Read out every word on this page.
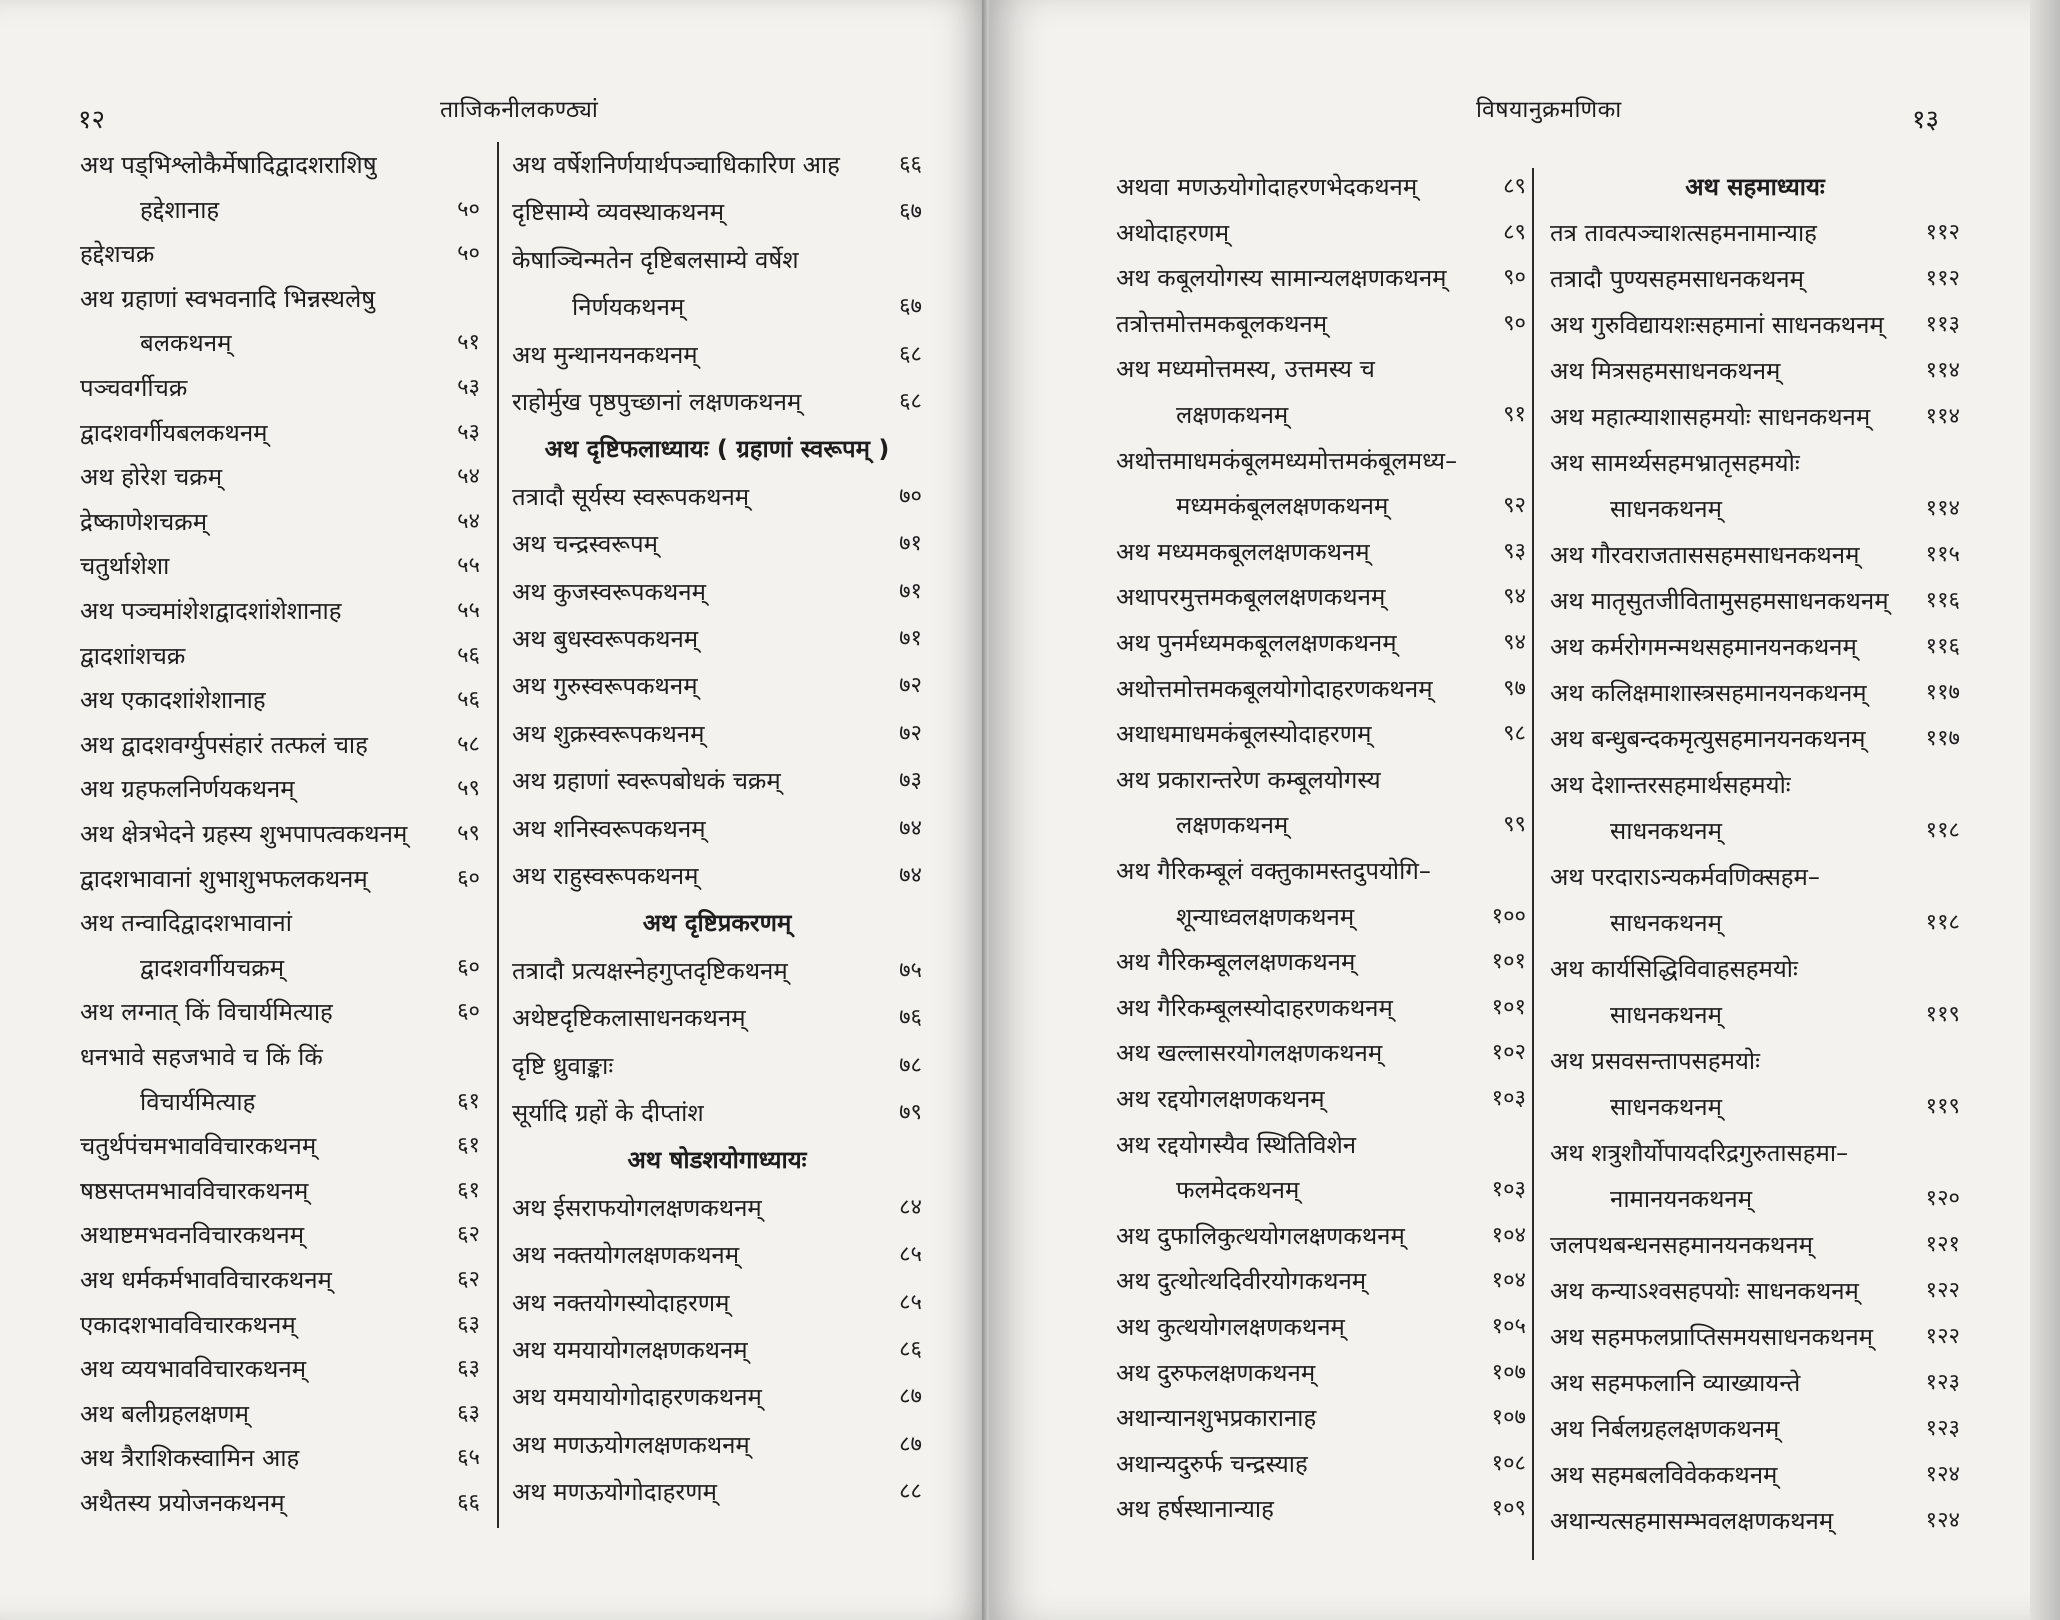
१२	ताजिकनीलकण्ठ्यां
अथ पड्भिश्लोकैर्मेषादिद्वादशराशिषु
हद्देशानाह	५०
हद्देशचक्र	५०
अथ ग्रहाणां स्वभवनादि भिन्नस्थलेषु
बलकथनम्	५१
पञ्चवर्गीचक्र	५३
द्वादशवर्गीयबलकथनम्	५३
अथ होरेश चक्रम्	५४
द्रेष्काणेशचक्रम्	५४
चतुर्थाशेशा	५५
अथ पञ्चमांशेशद्वादशांशेशानाह	५५
द्वादशांशचक्र	५६
अथ एकादशांशेशानाह	५६
अथ द्वादशवर्ग्युपसंहारं तत्फलं चाह	५८
अथ ग्रहफलनिर्णयकथनम्	५९
अथ क्षेत्रभेदने ग्रहस्य शुभपापत्वकथनम्	५९
द्वादशभावानां शुभाशुभफलकथनम्	६०
अथ तन्वादिद्वादशभावानां
द्वादशवर्गीयचक्रम्	६०
अथ लग्नात् किं विचार्यमित्याह	६०
धनभावे सहजभावे च किं किं
विचार्यमित्याह	६१
चतुर्थपंचमभावविचारकथनम्	६१
षष्ठसप्तमभावविचारकथनम्	६१
अथाष्टमभवनविचारकथनम्	६२
अथ धर्मकर्मभावविचारकथनम्	६२
एकादशभावविचारकथनम्	६३
अथ व्ययभावविचारकथनम्	६३
अथ बलीग्रहलक्षणम्	६३
अथ त्रैराशिकस्वामिन आह	६५
अथैतस्य प्रयोजनकथनम्	६६
अथ वर्षेशनिर्णयार्थपञ्चाधिकारिण आह	६६
दृष्टिसाम्ये व्यवस्थाकथनम्	६७
केषाञ्चिन्मतेन दृष्टिबलसाम्ये वर्षेश
निर्णयकथनम्	६७
अथ मुन्थानयनकथनम्	६८
राहोर्मुख पृष्ठपुच्छानां लक्षणकथनम्	६८
अथ दृष्टिफलाध्यायः ( ग्रहाणां स्वरूपम् )
तत्रादौ सूर्यस्य स्वरूपकथनम्	७०
अथ चन्द्रस्वरूपम्	७१
अथ कुजस्वरूपकथनम्	७१
अथ बुधस्वरूपकथनम्	७१
अथ गुरुस्वरूपकथनम्	७२
अथ शुक्रस्वरूपकथनम्	७२
अथ ग्रहाणां स्वरूपबोधकं चक्रम्	७३
अथ शनिस्वरूपकथनम्	७४
अथ राहुस्वरूपकथनम्	७४
अथ दृष्टिप्रकरणम्
तत्रादौ प्रत्यक्षस्नेहगुप्तदृष्टिकथनम्	७५
अथेष्टदृष्टिकलासाधनकथनम्	७६
दृष्टि ध्रुवाङ्काः	७८
सूर्यादि ग्रहों के दीप्तांश	७९
अथ षोडशयोगाध्यायः
अथ ईसराफयोगलक्षणकथनम्	८४
अथ नक्तयोगलक्षणकथनम्	८५
अथ नक्तयोगस्योदाहरणम्	८५
अथ यमयायोगलक्षणकथनम्	८६
अथ यमयायोगोदाहरणकथनम्	८७
अथ मणऊयोगलक्षणकथनम्	८७
अथ मणऊयोगोदाहरणम्	८८
विषयानुक्रमणिका	१३
अथवा मणऊयोगोदाहरणभेदकथनम्	८९
अथोदाहरणम्	८९
अथ कबूलयोगस्य सामान्यलक्षणकथनम्	९०
तत्रोत्तमोत्तमकबूलकथनम्	९०
अथ मध्यमोत्तमस्य, उत्तमस्य च
लक्षणकथनम्	९१
अथोत्तमाधमकंबूलमध्यमोत्तमकंबूलमध्य–
मध्यमकंबूललक्षणकथनम्	९२
अथ मध्यमकबूललक्षणकथनम्	९३
अथापरमुत्तमकबूललक्षणकथनम्	९४
अथ पुनर्मध्यमकबूललक्षणकथनम्	९४
अथोत्तमोत्तमकबूलयोगोदाहरणकथनम्	९७
अथाधमाधमकंबूलस्योदाहरणम्	९८
अथ प्रकारान्तरेण कम्बूलयोगस्य
लक्षणकथनम्	९९
अथ गैरिकम्बूलं वक्तुकामस्तदुपयोगि–
शून्याध्वलक्षणकथनम्	१००
अथ गैरिकम्बूललक्षणकथनम्	१०१
अथ गैरिकम्बूलस्योदाहरणकथनम्	१०१
अथ खल्लासरयोगलक्षणकथनम्	१०२
अथ रद्दयोगलक्षणकथनम्	१०३
अथ रद्दयोगस्यैव स्थितिविशेन
फलमेदकथनम्	१०३
अथ दुफालिकुत्थयोगलक्षणकथनम्	१०४
अथ दुत्थोत्थदिवीरयोगकथनम्	१०४
अथ कुत्थयोगलक्षणकथनम्	१०५
अथ दुरुफलक्षणकथनम्	१०७
अथान्यानशुभप्रकारानाह	१०७
अथान्यदुरुर्फ चन्द्रस्याह	१०८
अथ हर्षस्थानान्याह	१०९
अथ सहमाध्यायः
तत्र तावत्पञ्चाशत्सहमनामान्याह	११२
तत्रादौ पुण्यसहमसाधनकथनम्	११२
अथ गुरुविद्यायशःसहमानां साधनकथनम्	११३
अथ मित्रसहमसाधनकथनम्	११४
अथ महात्म्याशासहमयोः साधनकथनम्	११४
अथ सामर्थ्यसहमभ्रातृसहमयोः
साधनकथनम्	११४
अथ गौरवराजताससहमसाधनकथनम्	११५
अथ मातृसुतजीवितामुसहमसाधनकथनम्	११६
अथ कर्मरोगमन्मथसहमानयनकथनम्	११६
अथ कलिक्षमाशास्त्रसहमानयनकथनम्	११७
अथ बन्धुबन्दकमृत्युसहमानयनकथनम्	११७
अथ देशान्तरसहमार्थसहमयोः
साधनकथनम्	११८
अथ परदाराऽन्यकर्मवणिक्सहम–
साधनकथनम्	११८
अथ कार्यसिद्धिविवाहसहमयोः
साधनकथनम्	११९
अथ प्रसवसन्तापसहमयोः
साधनकथनम्	११९
अथ शत्रुशौर्योपायदरिद्रगुरुतासहमा–
नामानयनकथनम्	१२०
जलपथबन्धनसहमानयनकथनम्	१२१
अथ कन्याऽश्वसहपयोः साधनकथनम्	१२२
अथ सहमफलप्राप्तिसमयसाधनकथनम्	१२२
अथ सहमफलानि व्याख्यायन्ते	१२३
अथ निर्बलग्रहलक्षणकथनम्	१२३
अथ सहमबलविवेककथनम्	१२४
अथान्यत्सहमासम्भवलक्षणकथनम्	१२४
